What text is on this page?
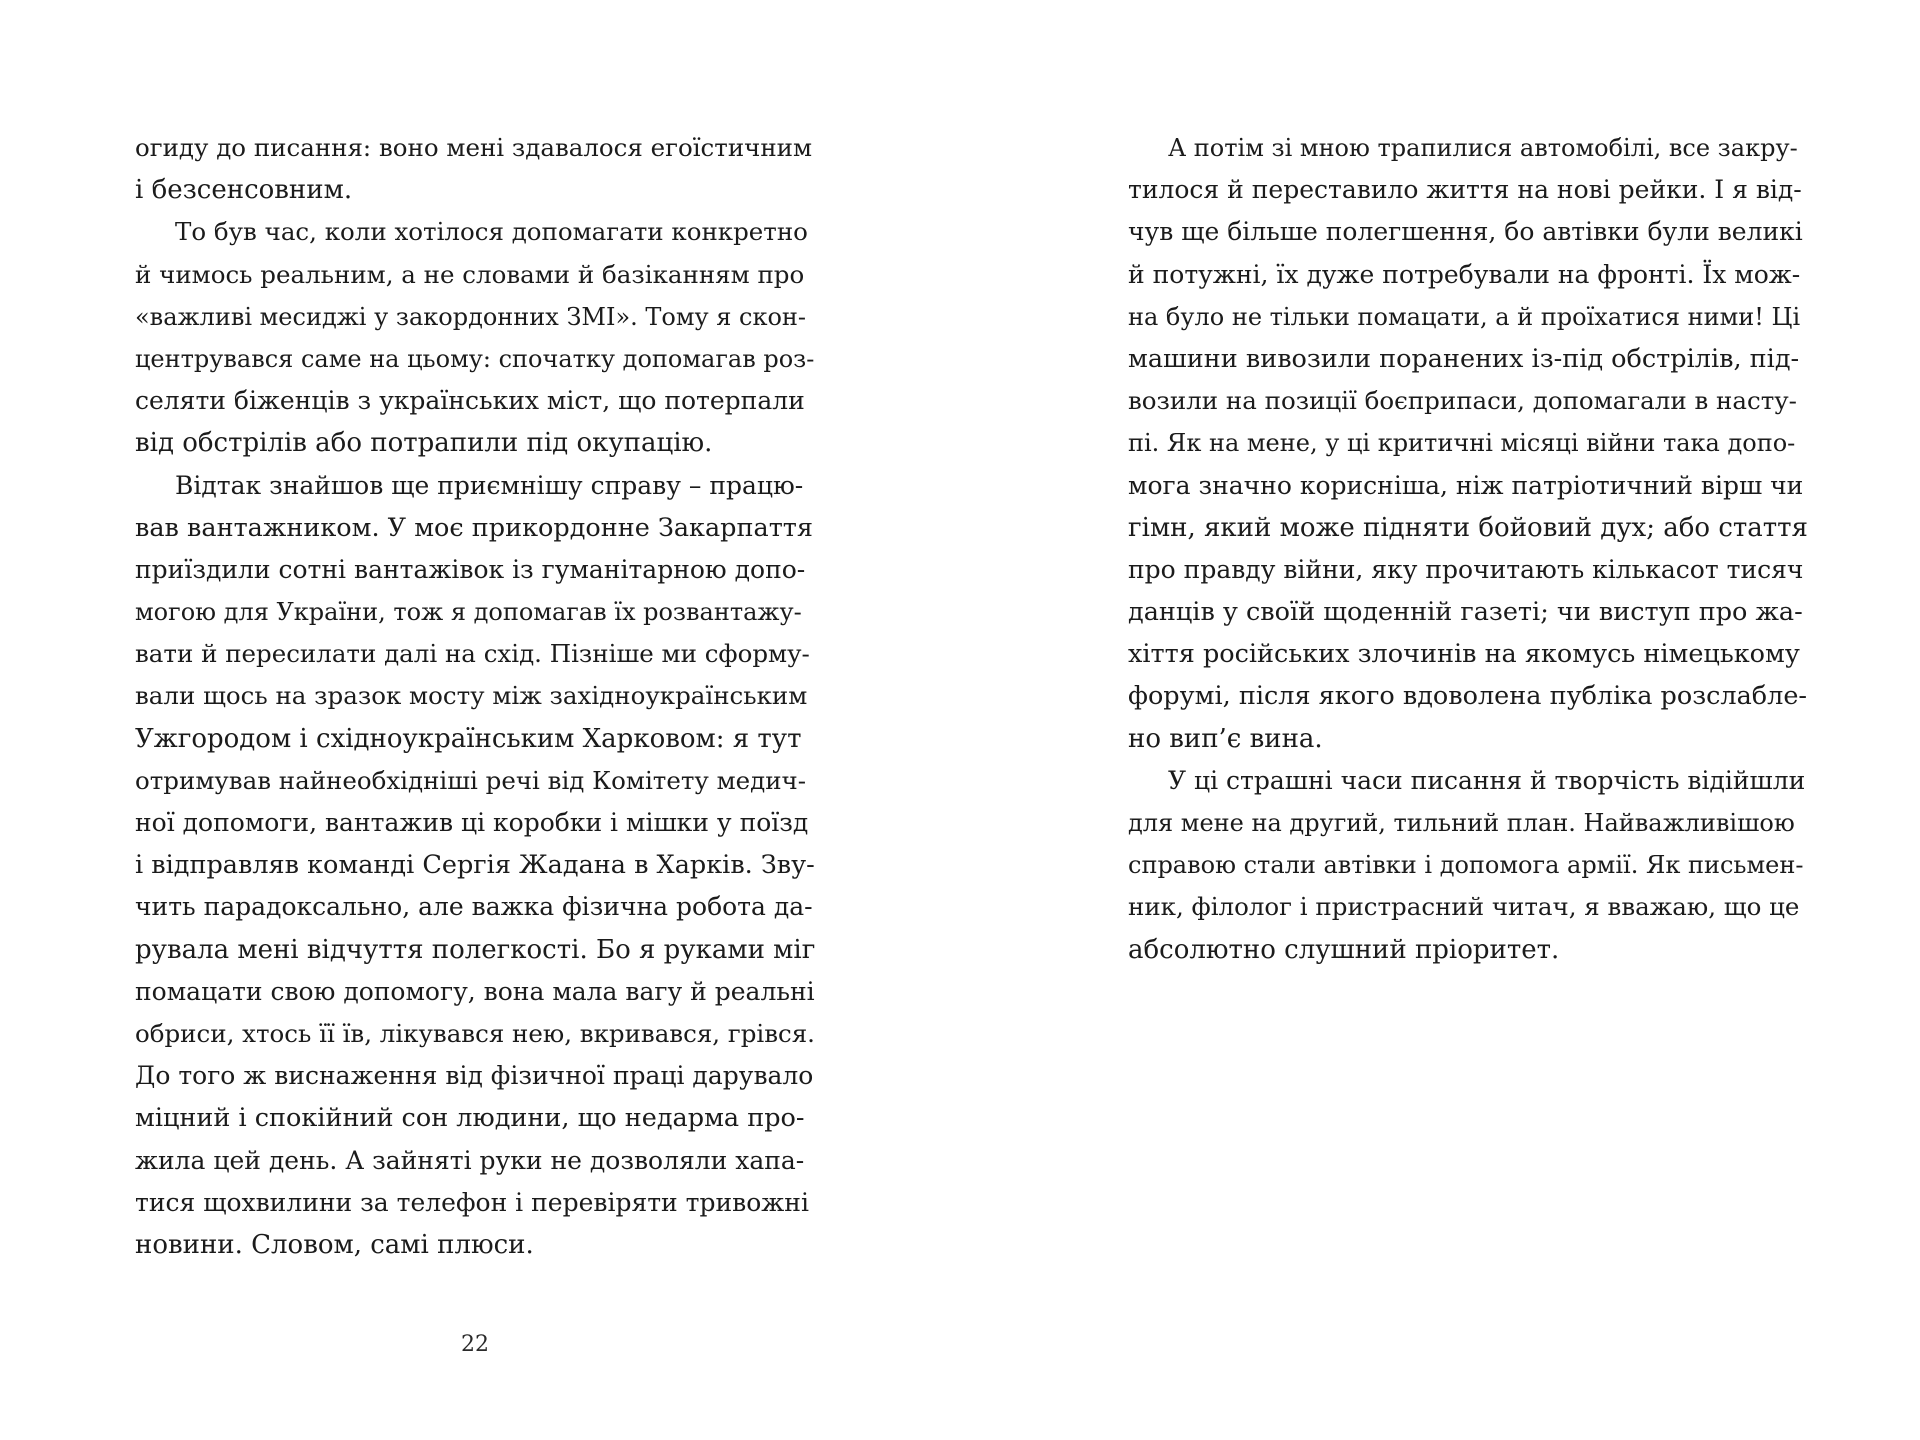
огиду до писання: воно мені здавалося егоїстичним
і безсенсовним.
То був час, коли хотілося допомагати конкретно
й чимось реальним, а не словами й базіканням про
«важливі месиджі у закордонних ЗМІ». Тому я скон-
центрувався саме на цьому: спочатку допомагав роз-
селяти біженців з українських міст, що потерпали
від обстрілів або потрапили під окупацію.
Відтак знайшов ще приємнішу справу – працю-
вав вантажником. У моє прикордонне Закарпаття
приїздили сотні вантажівок із гуманітарною допо-
могою для України, тож я допомагав їх розвантажу-
вати й пересилати далі на схід. Пізніше ми сформу-
вали щось на зразок мосту між західноукраїнським
Ужгородом і східноукраїнським Харковом: я тут
отримував найнеобхідніші речі від Комітету медич-
ної допомоги, вантажив ці коробки і мішки у поїзд
і відправляв команді Сергія Жадана в Харків. Зву-
чить парадоксально, але важка фізична робота да-
рувала мені відчуття полегкості. Бо я руками міг
помацати свою допомогу, вона мала вагу й реальні
обриси, хтось її їв, лікувався нею, вкривався, грівся.
До того ж виснаження від фізичної праці дарувало
міцний і спокійний сон людини, що недарма про-
жила цей день. А зайняті руки не дозволяли хапа-
тися щохвилини за телефон і перевіряти тривожні
новини. Словом, самі плюси.
22
А потім зі мною трапилися автомобілі, все закру-
тилося й переставило життя на нові рейки. І я від-
чув ще більше полегшення, бо автівки були великі
й потужні, їх дуже потребували на фронті. Їх мож-
на було не тільки помацати, а й проїхатися ними! Ці
машини вивозили поранених із-під обстрілів, під-
возили на позиції боєприпаси, допомагали в насту-
пі. Як на мене, у ці критичні місяці війни така допо-
мога значно корисніша, ніж патріотичний вірш чи
гімн, який може підняти бойовий дух; або стаття
про правду війни, яку прочитають кількасот тисяч
данців у своїй щоденній газеті; чи виступ про жа-
хіття російських злочинів на якомусь німецькому
форумі, після якого вдоволена публіка розслабле-
но вип’є вина.
У ці страшні часи писання й творчість відійшли
для мене на другий, тильний план. Найважливішою
справою стали автівки і допомога армії. Як письмен-
ник, філолог і пристрасний читач, я вважаю, що це
абсолютно слушний пріоритет.
